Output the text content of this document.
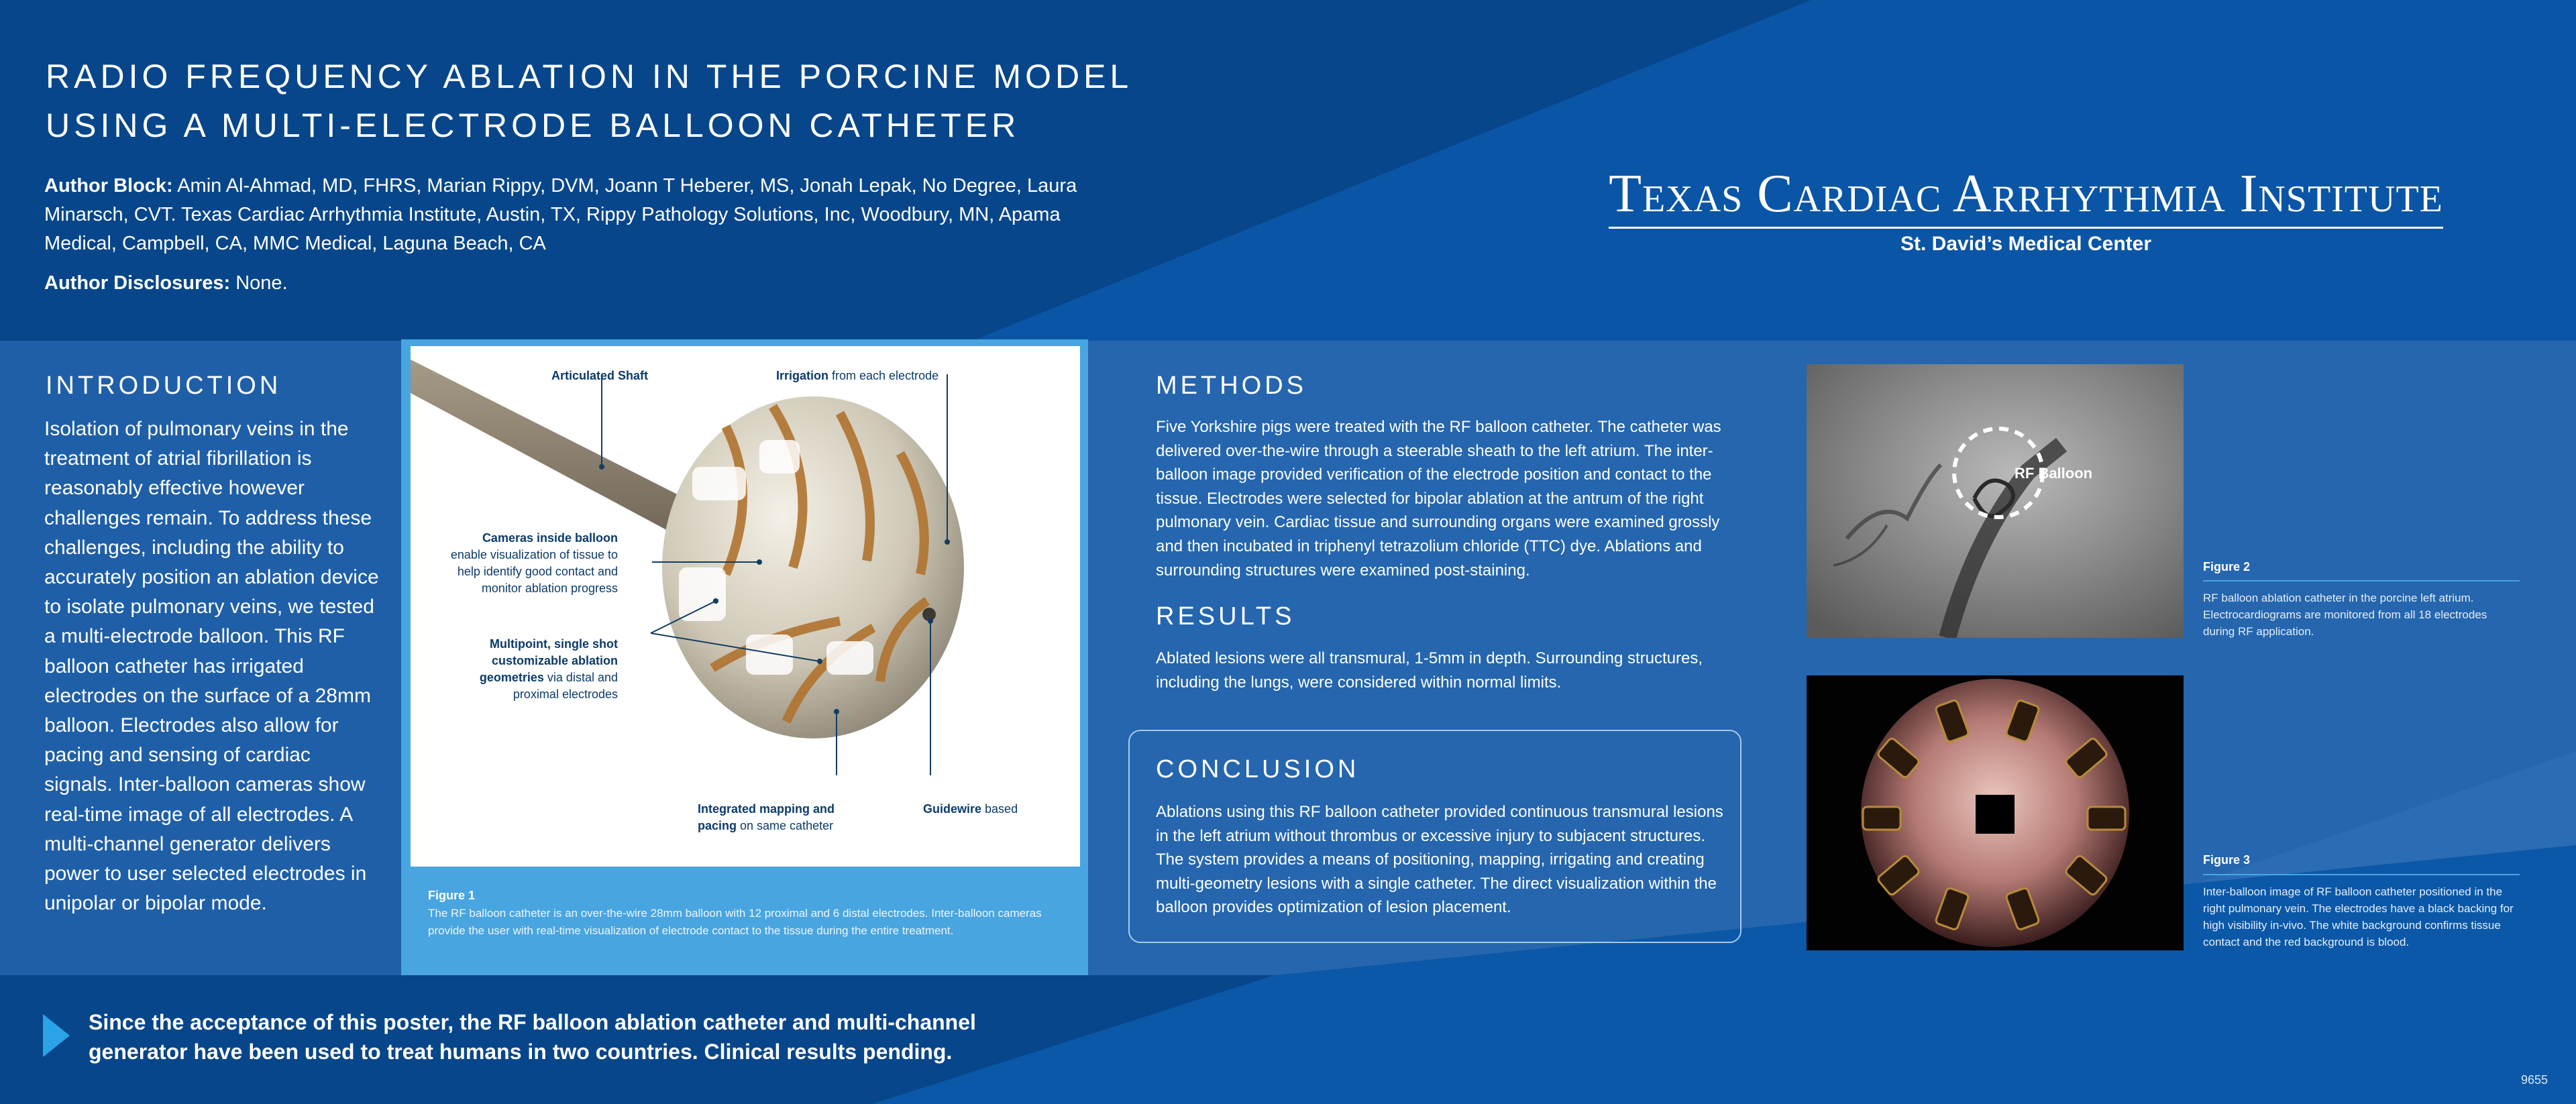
RADIO FREQUENCY ABLATION IN THE PORCINE MODEL
USING A MULTI-ELECTRODE BALLOON CATHETER

Author Block: Amin Al-Ahmad, MD, FHRS, Marian Rippy, DVM, Joann T Heberer, MS, Jonah Lepak, No Degree, Laura Minarsch, CVT. Texas Cardiac Arrhythmia Institute, Austin, TX, Rippy Pathology Solutions, Inc, Woodbury, MN, Apama Medical, Campbell, CA, MMC Medical, Laguna Beach, CA

Author Disclosures: None.

Texas Cardiac Arrhythmia Institute
St. David’s Medical Center
INTRODUCTION

Isolation of pulmonary veins in the treatment of atrial fibrillation is reasonably effective however challenges remain. To address these challenges, including the ability to accurately position an ablation device to isolate pulmonary veins, we tested a multi-electrode balloon. This RF balloon catheter has irrigated electrodes on the surface of a 28mm balloon. Electrodes also allow for pacing and sensing of cardiac signals. Inter-balloon cameras show real-time image of all electrodes. A multi-channel generator delivers power to user selected electrodes in unipolar or bipolar mode.

Articulated Shaft	Irrigation from each electrode
Cameras inside balloon
enable visualization of tissue to help identify good contact and monitor ablation progress
Multipoint, single shot customizable ablation geometries via distal and proximal electrodes
Integrated mapping and pacing on same catheter
Guidewire based
Figure 1
The RF balloon catheter is an over-the-wire 28mm balloon with 12 proximal and 6 distal electrodes. Inter-balloon cameras provide the user with real-time visualization of electrode contact to the tissue during the entire treatment.
METHODS

Five Yorkshire pigs were treated with the RF balloon catheter. The catheter was delivered over-the-wire through a steerable sheath to the left atrium. The inter-balloon image provided verification of the electrode position and contact to the tissue. Electrodes were selected for bipolar ablation at the antrum of the right pulmonary vein. Cardiac tissue and surrounding organs were examined grossly and then incubated in triphenyl tetrazolium chloride (TTC) dye. Ablations and surrounding structures were examined post-staining.

RESULTS

Ablated lesions were all transmural, 1-5mm in depth. Surrounding structures, including the lungs, were considered within normal limits.

CONCLUSION

Ablations using this RF balloon catheter provided continuous transmural lesions in the left atrium without thrombus or excessive injury to subjacent structures. The system provides a means of positioning, mapping, irrigating and creating multi-geometry lesions with a single catheter. The direct visualization within the balloon provides optimization of lesion placement.

RF Balloon
Figure 2
RF balloon ablation catheter in the porcine left atrium. Electrocardiograms are monitored from all 18 electrodes during RF application.
Figure 3
Inter-balloon image of RF balloon catheter positioned in the right pulmonary vein. The electrodes have a black backing for high visibility in-vivo. The white background confirms tissue contact and the red background is blood.

Since the acceptance of this poster, the RF balloon ablation catheter and multi-channel generator have been used to treat humans in two countries. Clinical results pending.

9655
